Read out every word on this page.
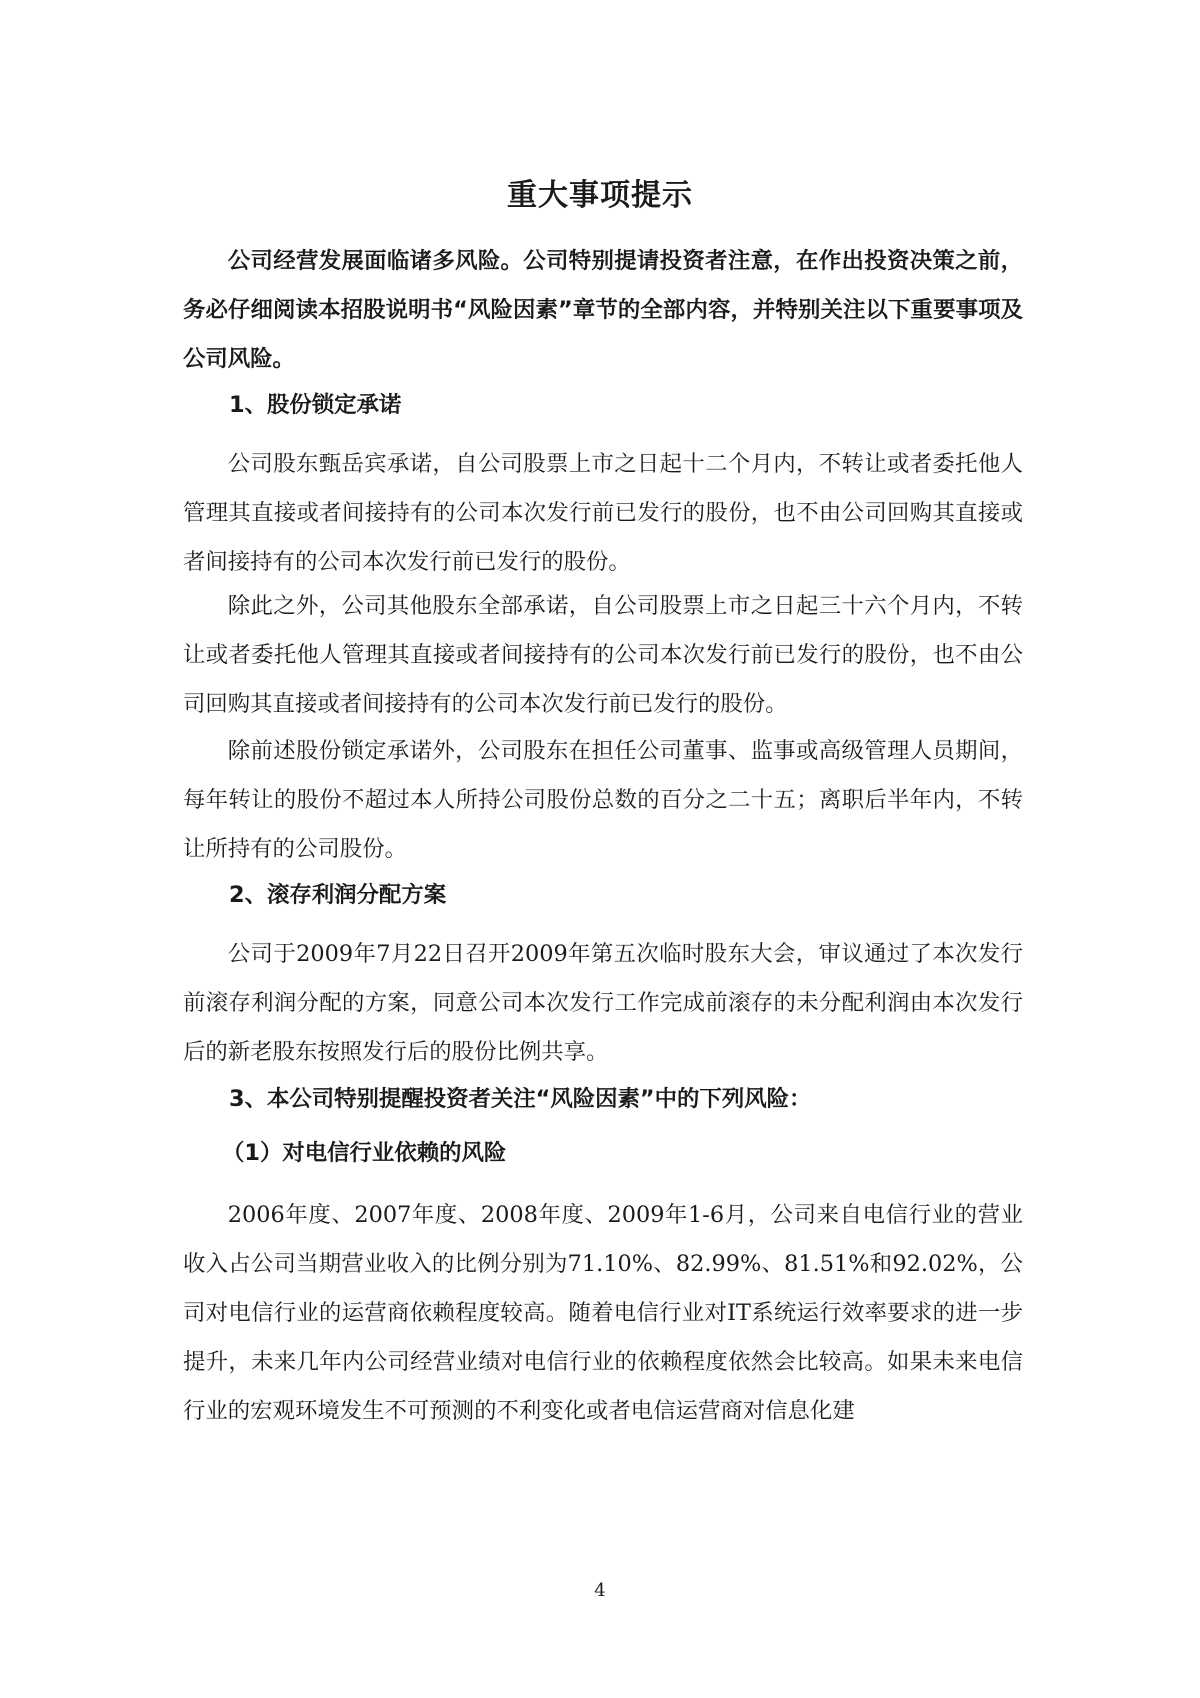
重大事项提示
公司经营发展面临诸多风险。公司特别提请投资者注意，在作出投资决策之前，务必仔细阅读本招股说明书“风险因素”章节的全部内容，并特别关注以下重要事项及公司风险。
1、股份锁定承诺
公司股东甄岳宾承诺，自公司股票上市之日起十二个月内，不转让或者委托他人管理其直接或者间接持有的公司本次发行前已发行的股份，也不由公司回购其直接或者间接持有的公司本次发行前已发行的股份。
除此之外，公司其他股东全部承诺，自公司股票上市之日起三十六个月内，不转让或者委托他人管理其直接或者间接持有的公司本次发行前已发行的股份，也不由公司回购其直接或者间接持有的公司本次发行前已发行的股份。
除前述股份锁定承诺外，公司股东在担任公司董事、监事或高级管理人员期间，每年转让的股份不超过本人所持公司股份总数的百分之二十五；离职后半年内，不转让所持有的公司股份。
2、滚存利润分配方案
公司于2009年7月22日召开2009年第五次临时股东大会，审议通过了本次发行前滚存利润分配的方案，同意公司本次发行工作完成前滚存的未分配利润由本次发行后的新老股东按照发行后的股份比例共享。
3、本公司特别提醒投资者关注“风险因素”中的下列风险：
（1）对电信行业依赖的风险
2006年度、2007年度、2008年度、2009年1-6月，公司来自电信行业的营业收入占公司当期营业收入的比例分别为71.10%、82.99%、81.51%和92.02%，公司对电信行业的运营商依赖程度较高。随着电信行业对IT系统运行效率要求的进一步提升，未来几年内公司经营业绩对电信行业的依赖程度依然会比较高。如果未来电信行业的宏观环境发生不可预测的不利变化或者电信运营商对信息化建
4
